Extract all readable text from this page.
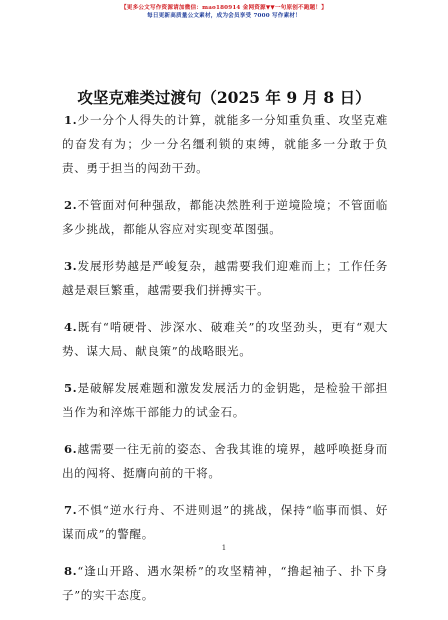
【更多公文写作资源请加微信：mao180914 金网资源▼▼一句原创不跑题！】
每日更新高质量公文素材，成为会员享受 7000 写作素材！
攻坚克难类过渡句（2025 年 9 月 8 日）

1.少一分个人得失的计算，就能多一分知重负重、攻坚克难的奋发有为；少一分名缰利锁的束缚，就能多一分敢于负责、勇于担当的闯劲干劲。

2.不管面对何种强敌，都能决然胜利于逆境险境；不管面临多少挑战，都能从容应对实现变革图强。

3.发展形势越是严峻复杂，越需要我们迎难而上；工作任务越是艰巨繁重，越需要我们拼搏实干。

4.既有“啃硬骨、涉深水、破难关”的攻坚劲头，更有“观大势、谋大局、献良策”的战略眼光。

5.是破解发展难题和激发发展活力的金钥匙，是检验干部担当作为和淬炼干部能力的试金石。

6.越需要一往无前的姿态、舍我其谁的境界，越呼唤挺身而出的闯将、挺膺向前的干将。

7.不惧“逆水行舟、不进则退”的挑战，保持“临事而惧、好谋而成”的警醒。

8.“逢山开路、遇水架桥”的攻坚精神，“撸起袖子、扑下身子”的实干态度。

1
